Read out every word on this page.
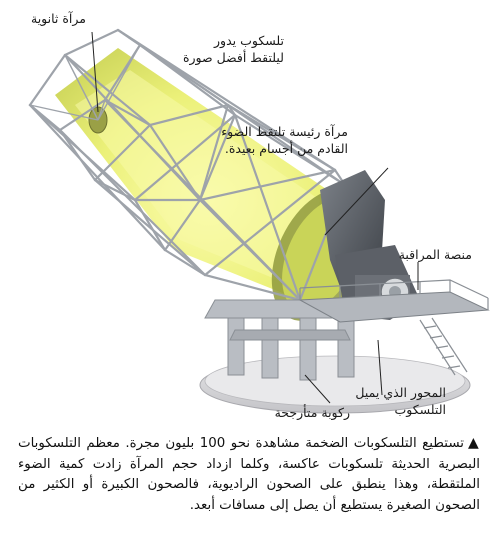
مرآة ثانوية
تلسكوب يدور
ليلتقط أفضل صورة
مرآة رئيسة تلتقط الضوء
القادم من أجسام بعيدة.
منصة المراقبة
المحور الذي يميل
التلسكوب
ركوبة متأرجحة
▲تستطيع التلسكوبات الضخمة مشاهدة نحو 100 بليون مجرة. معظم التلسكوبات البصرية الحديثة تلسكوبات عاكسة، وكلما ازداد حجم المرآة زادت كمية الضوء الملتقطة، وهذا ينطبق على الصحون الراديوية، فالصحون الكبيرة أو الكثير من الصحون الصغيرة يستطيع أن يصل إلى مسافات أبعد.
